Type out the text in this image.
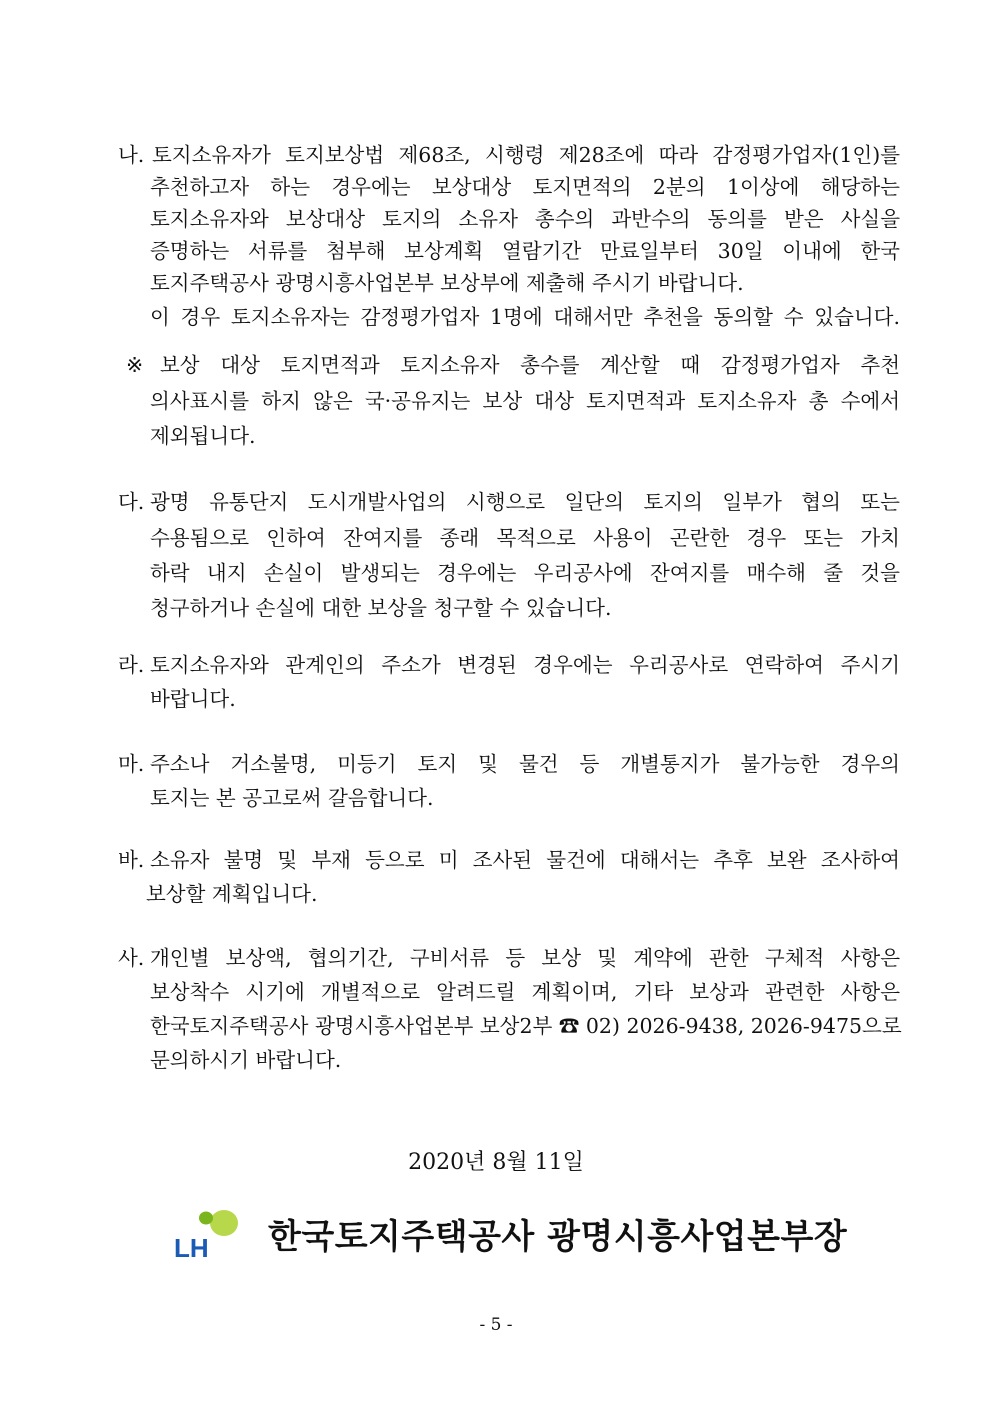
나. 토지소유자가 토지보상법 제68조, 시행령 제28조에 따라 감정평가업자(1인)를
추천하고자 하는 경우에는 보상대상 토지면적의 2분의 1이상에 해당하는
토지소유자와 보상대상 토지의 소유자 총수의 과반수의 동의를 받은 사실을
증명하는 서류를 첨부해 보상계획 열람기간 만료일부터 30일 이내에 한국
토지주택공사 광명시흥사업본부 보상부에 제출해 주시기 바랍니다.
이 경우 토지소유자는 감정평가업자 1명에 대해서만 추천을 동의할 수 있습니다.
※ 보상 대상 토지면적과 토지소유자 총수를 계산할 때 감정평가업자 추천
의사표시를 하지 않은 국·공유지는 보상 대상 토지면적과 토지소유자 총 수에서
제외됩니다.
다. 광명 유통단지 도시개발사업의 시행으로 일단의 토지의 일부가 협의 또는
수용됨으로 인하여 잔여지를 종래 목적으로 사용이 곤란한 경우 또는 가치
하락 내지 손실이 발생되는 경우에는 우리공사에 잔여지를 매수해 줄 것을
청구하거나 손실에 대한 보상을 청구할 수 있습니다.
라. 토지소유자와 관계인의 주소가 변경된 경우에는 우리공사로 연락하여 주시기
바랍니다.
마. 주소나 거소불명, 미등기 토지 및 물건 등 개별통지가 불가능한 경우의
토지는 본 공고로써 갈음합니다.
바. 소유자 불명 및 부재 등으로 미 조사된 물건에 대해서는 추후 보완 조사하여
보상할 계획입니다.
사. 개인별 보상액, 협의기간, 구비서류 등 보상 및 계약에 관한 구체적 사항은
보상착수 시기에 개별적으로 알려드릴 계획이며, 기타 보상과 관련한 사항은
한국토지주택공사 광명시흥사업본부 보상2부 ☎ 02) 2026-9438, 2026-9475으로
문의하시기 바랍니다.
2020년 8월 11일
LH 한국토지주택공사 광명시흥사업본부장
- 5 -
